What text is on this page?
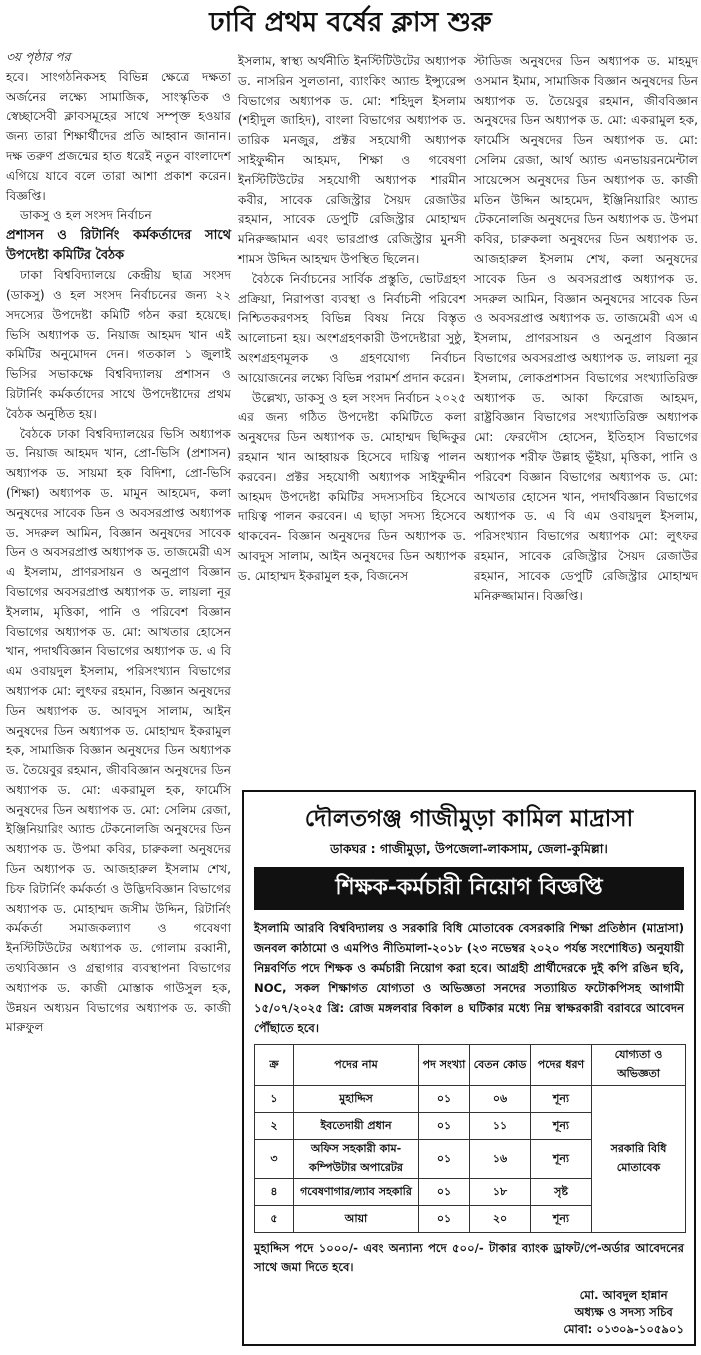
ঢাবি প্রথম বর্ষের ক্লাস শুরু

৩য় পৃষ্ঠার পর

হবে। সাংগঠনিকসহ বিভিন্ন ক্ষেত্রে দক্ষতা অর্জনের লক্ষ্যে সামাজিক, সাংস্কৃতিক ও স্বেচ্ছাসেবী ক্লাবসমূহের সাথে সম্পৃক্ত হওয়ার জন্য তারা শিক্ষার্থীদের প্রতি আহ্বান জানান। দক্ষ তরুণ প্রজন্মের হাত ধরেই নতুন বাংলাদেশ এগিয়ে যাবে বলে তারা আশা প্রকাশ করেন। বিজ্ঞপ্তি।

ডাকসু ও হল সংসদ নির্বাচন

প্রশাসন ও রিটার্নিং কর্মকর্তাদের সাথে উপদেষ্টা কমিটির বৈঠক

ঢাকা বিশ্ববিদ্যালয়ে কেন্দ্রীয় ছাত্র সংসদ (ডাকসু) ও হল সংসদ নির্বাচনের জন্য ২২ সদস্যের উপদেষ্টা কমিটি গঠন করা হয়েছে। ভিসি অধ্যাপক ড. নিয়াজ আহমদ খান এই কমিটির অনুমোদন দেন। গতকাল ১ জুলাই ভিসির সভাকক্ষে বিশ্ববিদ্যালয় প্রশাসন ও রিটার্নিং কর্মকর্তাদের সাথে উপদেষ্টাদের প্রথম বৈঠক অনুষ্ঠিত হয়।

বৈঠকে ঢাকা বিশ্ববিদ্যালয়ের ভিসি অধ্যাপক ড. নিয়াজ আহমদ খান, প্রো-ভিসি (প্রশাসন) অধ্যাপক ড. সায়মা হক বিদিশা, প্রো-ভিসি (শিক্ষা) অধ্যাপক ড. মামুন আহমেদ, কলা অনুষদের সাবেক ডিন ও অবসরপ্রাপ্ত অধ্যাপক ড. সদরুল আমিন, বিজ্ঞান অনুষদের সাবেক ডিন ও অবসরপ্রাপ্ত অধ্যাপক ড. তাজমেরী এস এ ইসলাম, প্রাণরসায়ন ও অনুপ্রাণ বিজ্ঞান বিভাগের অবসরপ্রাপ্ত অধ্যাপক ড. লায়লা নূর ইসলাম, মৃত্তিকা, পানি ও পরিবেশ বিজ্ঞান বিভাগের অধ্যাপক ড. মো: আখতার হোসেন খান, পদার্থবিজ্ঞান বিভাগের অধ্যাপক ড. এ বি এম ওবায়দুল ইসলাম, পরিসংখ্যান বিভাগের অধ্যাপক মো: লুৎফর রহমান, বিজ্ঞান অনুষদের ডিন অধ্যাপক ড. আবদুস সালাম, আইন অনুষদের ডিন অধ্যাপক ড. মোহাম্মদ ইকরামুল হক, সামাজিক বিজ্ঞান অনুষদের ডিন অধ্যাপক ড. তৈয়েবুর রহমান, জীববিজ্ঞান অনুষদের ডিন অধ্যাপক ড. মো: একরামুল হক, ফার্মেসি অনুষদের ডিন অধ্যাপক ড. মো: সেলিম রেজা, ইঞ্জিনিয়ারিং অ্যান্ড টেকনোলজি অনুষদের ডিন অধ্যাপক ড. উপমা কবির, চারুকলা অনুষদের ডিন অধ্যাপক ড. আজহারুল ইসলাম শেখ, চিফ রিটার্নিং কর্মকর্তা ও উদ্ভিদবিজ্ঞান বিভাগের অধ্যাপক ড. মোহাম্মদ জসীম উদ্দিন, রিটার্নিং কর্মকর্তা সমাজকল্যাণ ও গবেষণা ইনস্টিটিউটের অধ্যাপক ড. গোলাম রব্বানী, তথ্যবিজ্ঞান ও গ্রন্থাগার ব্যবস্থাপনা বিভাগের অধ্যাপক ড. কাজী মোস্তাক গাউসুল হক, উন্নয়ন অধ্যয়ন বিভাগের অধ্যাপক ড. কাজী মারুফুল

ইসলাম, স্বাস্থ্য অর্থনীতি ইনস্টিটিউটের অধ্যাপক ড. নাসরিন সুলতানা, ব্যাংকিং অ্যান্ড ইন্স্যুরেন্স বিভাগের অধ্যাপক ড. মো: শহিদুল ইসলাম (শহীদুল জাহিদ), বাংলা বিভাগের অধ্যাপক ড. তারিক মনজুর, প্রক্টর সহযোগী অধ্যাপক সাইফুদ্দীন আহমদ, শিক্ষা ও গবেষণা ইনস্টিটিউটের সহযোগী অধ্যাপক শারমীন কবীর, সাবেক রেজিস্ট্রার সৈয়দ রেজাউর রহমান, সাবেক ডেপুটি রেজিস্ট্রার মোহাম্মদ মনিরুজ্জামান এবং ভারপ্রাপ্ত রেজিস্ট্রার মুনসী শামস উদ্দিন আহম্মদ উপস্থিত ছিলেন।

বৈঠকে নির্বাচনের সার্বিক প্রস্তুতি, ভোটগ্রহণ প্রক্রিয়া, নিরাপত্তা ব্যবস্থা ও নির্বাচনী পরিবেশ নিশ্চিতকরণসহ বিভিন্ন বিষয় নিয়ে বিস্তৃত আলোচনা হয়। অংশগ্রহণকারী উপদেষ্টারা সুষ্ঠু, অংশগ্রহণমূলক ও গ্রহণযোগ্য নির্বাচন আয়োজনের লক্ষ্যে বিভিন্ন পরামর্শ প্রদান করেন।

উল্লেখ্য, ডাকসু ও হল সংসদ নির্বাচন ২০২৫ এর জন্য গঠিত উপদেষ্টা কমিটিতে কলা অনুষদের ডিন অধ্যাপক ড. মোহাম্মদ ছিদ্দিকুর রহমান খান আহ্বায়ক হিসেবে দায়িত্ব পালন করবেন। প্রক্টর সহযোগী অধ্যাপক সাইফুদ্দীন আহমদ উপদেষ্টা কমিটির সদস্যসচিব হিসেবে দায়িত্ব পালন করবেন। এ ছাড়া সদস্য হিসেবে থাকবেন- বিজ্ঞান অনুষদের ডিন অধ্যাপক ড. আবদুস সালাম, আইন অনুষদের ডিন অধ্যাপক ড. মোহাম্মদ ইকরামুল হক, বিজনেস

স্টাডিজ অনুষদের ডিন অধ্যাপক ড. মাহমুদ ওসমান ইমাম, সামাজিক বিজ্ঞান অনুষদের ডিন অধ্যাপক ড. তৈয়েবুর রহমান, জীববিজ্ঞান অনুষদের ডিন অধ্যাপক ড. মো: একরামুল হক, ফার্মেসি অনুষদের ডিন অধ্যাপক ড. মো: সেলিম রেজা, আর্থ অ্যান্ড এনভায়রনমেন্টাল সায়েন্সেস অনুষদের ডিন অধ্যাপক ড. কাজী মতিন উদ্দিন আহমেদ, ইঞ্জিনিয়ারিং অ্যান্ড টেকনোলজি অনুষদের ডিন অধ্যাপক ড. উপমা কবির, চারুকলা অনুষদের ডিন অধ্যাপক ড. আজহারুল ইসলাম শেখ, কলা অনুষদের সাবেক ডিন ও অবসরপ্রাপ্ত অধ্যাপক ড. সদরুল আমিন, বিজ্ঞান অনুষদের সাবেক ডিন ও অবসরপ্রাপ্ত অধ্যাপক ড. তাজমেরী এস এ ইসলাম, প্রাণরসায়ন ও অনুপ্রাণ বিজ্ঞান বিভাগের অবসরপ্রাপ্ত অধ্যাপক ড. লায়লা নূর ইসলাম, লোকপ্রশাসন বিভাগের সংখ্যাতিরিক্ত অধ্যাপক ড. আকা ফিরোজ আহমদ, রাষ্ট্রবিজ্ঞান বিভাগের সংখ্যাতিরিক্ত অধ্যাপক মো: ফেরদৌস হোসেন, ইতিহাস বিভাগের অধ্যাপক শরীফ উল্লাহ ভূঁইয়া, মৃত্তিকা, পানি ও পরিবেশ বিজ্ঞান বিভাগের অধ্যাপক ড. মো: আখতার হোসেন খান, পদার্থবিজ্ঞান বিভাগের অধ্যাপক ড. এ বি এম ওবায়দুল ইসলাম, পরিসংখ্যান বিভাগের অধ্যাপক মো: লুৎফর রহমান, সাবেক রেজিস্ট্রার সৈয়দ রেজাউর রহমান, সাবেক ডেপুটি রেজিস্ট্রার মোহাম্মদ মনিরুজ্জামান। বিজ্ঞপ্তি।

দৌলতগঞ্জ গাজীমুড়া কামিল মাদ্রাসা
ডাকঘর : গাজীমুড়া, উপজেলা-লাকসাম, জেলা-কুমিল্লা।
শিক্ষক-কর্মচারী নিয়োগ বিজ্ঞপ্তি
ইসলামি আরবি বিশ্ববিদ্যালয় ও সরকারি বিধি মোতাবেক বেসরকারি শিক্ষা প্রতিষ্ঠান (মাদ্রাসা) জনবল কাঠামো ও এমপিও নীতিমালা-২০১৮ (২৩ নভেম্বর ২০২০ পর্যন্ত সংশোধিত) অনুযায়ী নিম্নবর্ণিত পদে শিক্ষক ও কর্মচারী নিয়োগ করা হবে। আগ্রহী প্রার্থীদেরকে দুই কপি রঙিন ছবি, NOC, সকল শিক্ষাগত যোগ্যতা ও অভিজ্ঞতা সনদের সত্যায়িত ফটোকপিসহ আগামী ১৫/০৭/২০২৫ খ্রি: রোজ মঙ্গলবার বিকাল ৪ ঘটিকার মধ্যে নিম্ন স্বাক্ষরকারী বরাবরে আবেদন পৌঁছাতে হবে।
ক্র	পদের নাম	পদ সংখ্যা	বেতন কোড	পদের ধরণ	যোগ্যতা ও অভিজ্ঞতা
১	মুহাদ্দিস	০১	০৬	শূন্য	সরকারি বিধি মোতাবেক
২	ইবতেদায়ী প্রধান	০১	১১	শূন্য	
৩	অফিস সহকারী কাম-কম্পিউটার অপারেটর	০১	১৬	শূন্য	
৪	গবেষণাগার/ল্যাব সহকারি	০১	১৮	সৃষ্ট	
৫	আয়া	০১	২০	শূন্য	
মুহাদ্দিস পদে ১০০০/- এবং অন্যান্য পদে ৫০০/- টাকার ব্যাংক ড্রাফট/পে-অর্ডার আবেদনের সাথে জমা দিতে হবে।
মো. আবদুল হান্নান
অধ্যক্ষ ও সদস্য সচিব
মোবা: ০১৩০৯-১০৫৯০১
